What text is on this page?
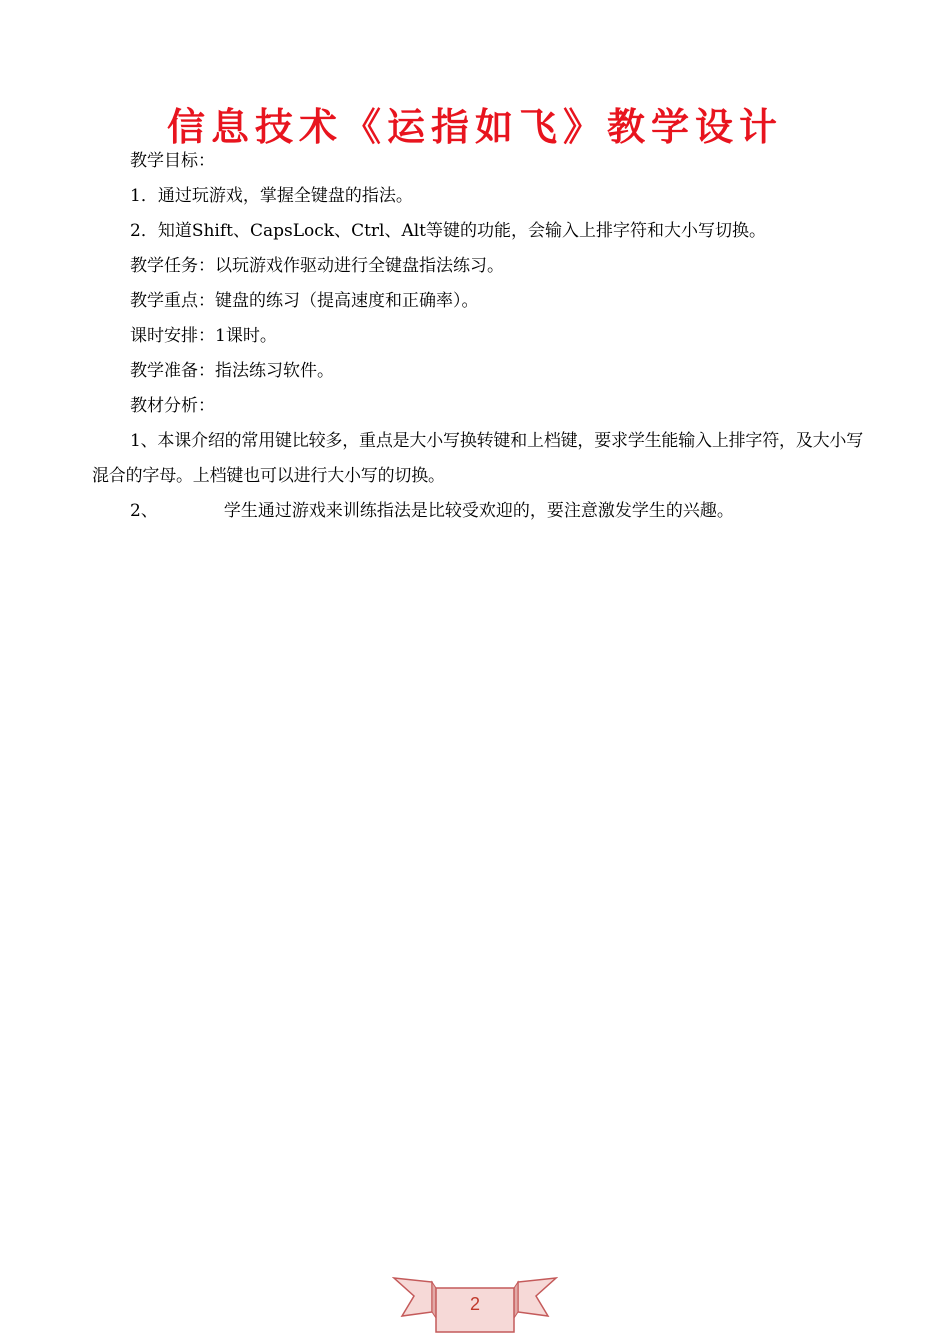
信息技术《运指如飞》教学设计
教学目标：
1．通过玩游戏，掌握全键盘的指法。
2．知道Shift、CapsLock、Ctrl、Alt等键的功能，会输入上排字符和大小写切换。
教学任务：以玩游戏作驱动进行全键盘指法练习。
教学重点：键盘的练习（提高速度和正确率）。
课时安排：1课时。
教学准备：指法练习软件。
教材分析：
1、本课介绍的常用键比较多，重点是大小写换转键和上档键，要求学生能输入上排字符，及大小写混合的字母。上档键也可以进行大小写的切换。
2、	学生通过游戏来训练指法是比较受欢迎的，要注意激发学生的兴趣。
2
